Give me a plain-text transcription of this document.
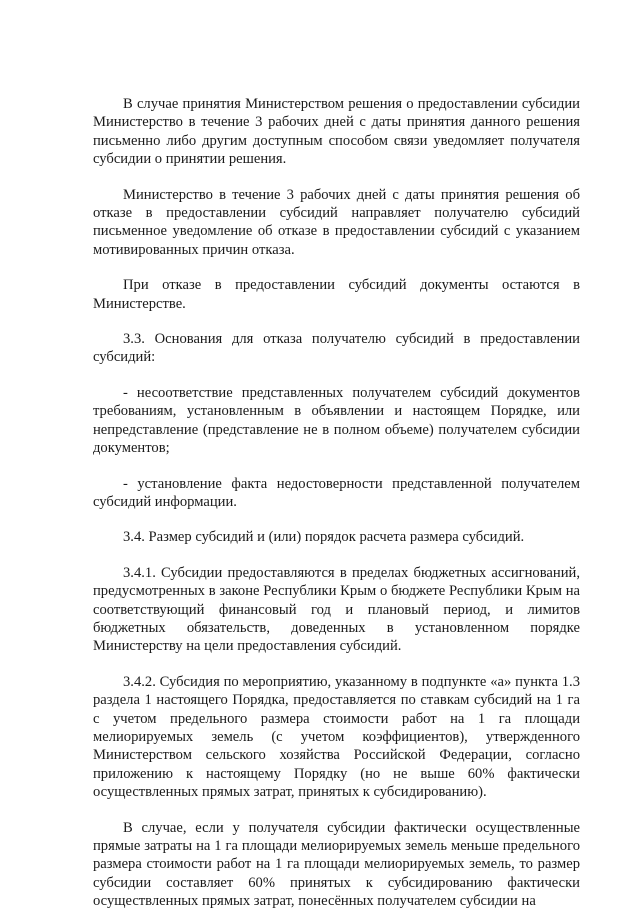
В случае принятия Министерством решения о предоставлении субсидии Министерство в течение 3 рабочих дней с даты принятия данного решения письменно либо другим доступным способом связи уведомляет получателя субсидии о принятии решения.

Министерство в течение 3 рабочих дней с даты принятия решения об отказе в предоставлении субсидий направляет получателю субсидий письменное уведомление об отказе в предоставлении субсидий с указанием мотивированных причин отказа.

При отказе в предоставлении субсидий документы остаются в Министерстве.

3.3. Основания для отказа получателю субсидий в предоставлении субсидий:

- несоответствие представленных получателем субсидий документов требованиям, установленным в объявлении и настоящем Порядке, или непредставление (представление не в полном объеме) получателем субсидии документов;

- установление факта недостоверности представленной получателем субсидий информации.

3.4. Размер субсидий и (или) порядок расчета размера субсидий.

3.4.1. Субсидии предоставляются в пределах бюджетных ассигнований, предусмотренных в законе Республики Крым о бюджете Республики Крым на соответствующий финансовый год и плановый период, и лимитов бюджетных обязательств, доведенных в установленном порядке Министерству на цели предоставления субсидий.

3.4.2. Субсидия по мероприятию, указанному в подпункте «а» пункта 1.3 раздела 1 настоящего Порядка, предоставляется по ставкам субсидий на 1 га с учетом предельного размера стоимости работ на 1 га площади мелиорируемых земель (с учетом коэффициентов), утвержденного Министерством сельского хозяйства Российской Федерации, согласно приложению к настоящему Порядку (но не выше 60% фактически осуществленных прямых затрат, принятых к субсидированию).

В случае, если у получателя субсидии фактически осуществленные прямые затраты на 1 га площади мелиорируемых земель меньше предельного размера стоимости работ на 1 га площади мелиорируемых земель, то размер субсидии составляет 60% принятых к субсидированию фактически осуществленных прямых затрат, понесённых получателем субсидии на
